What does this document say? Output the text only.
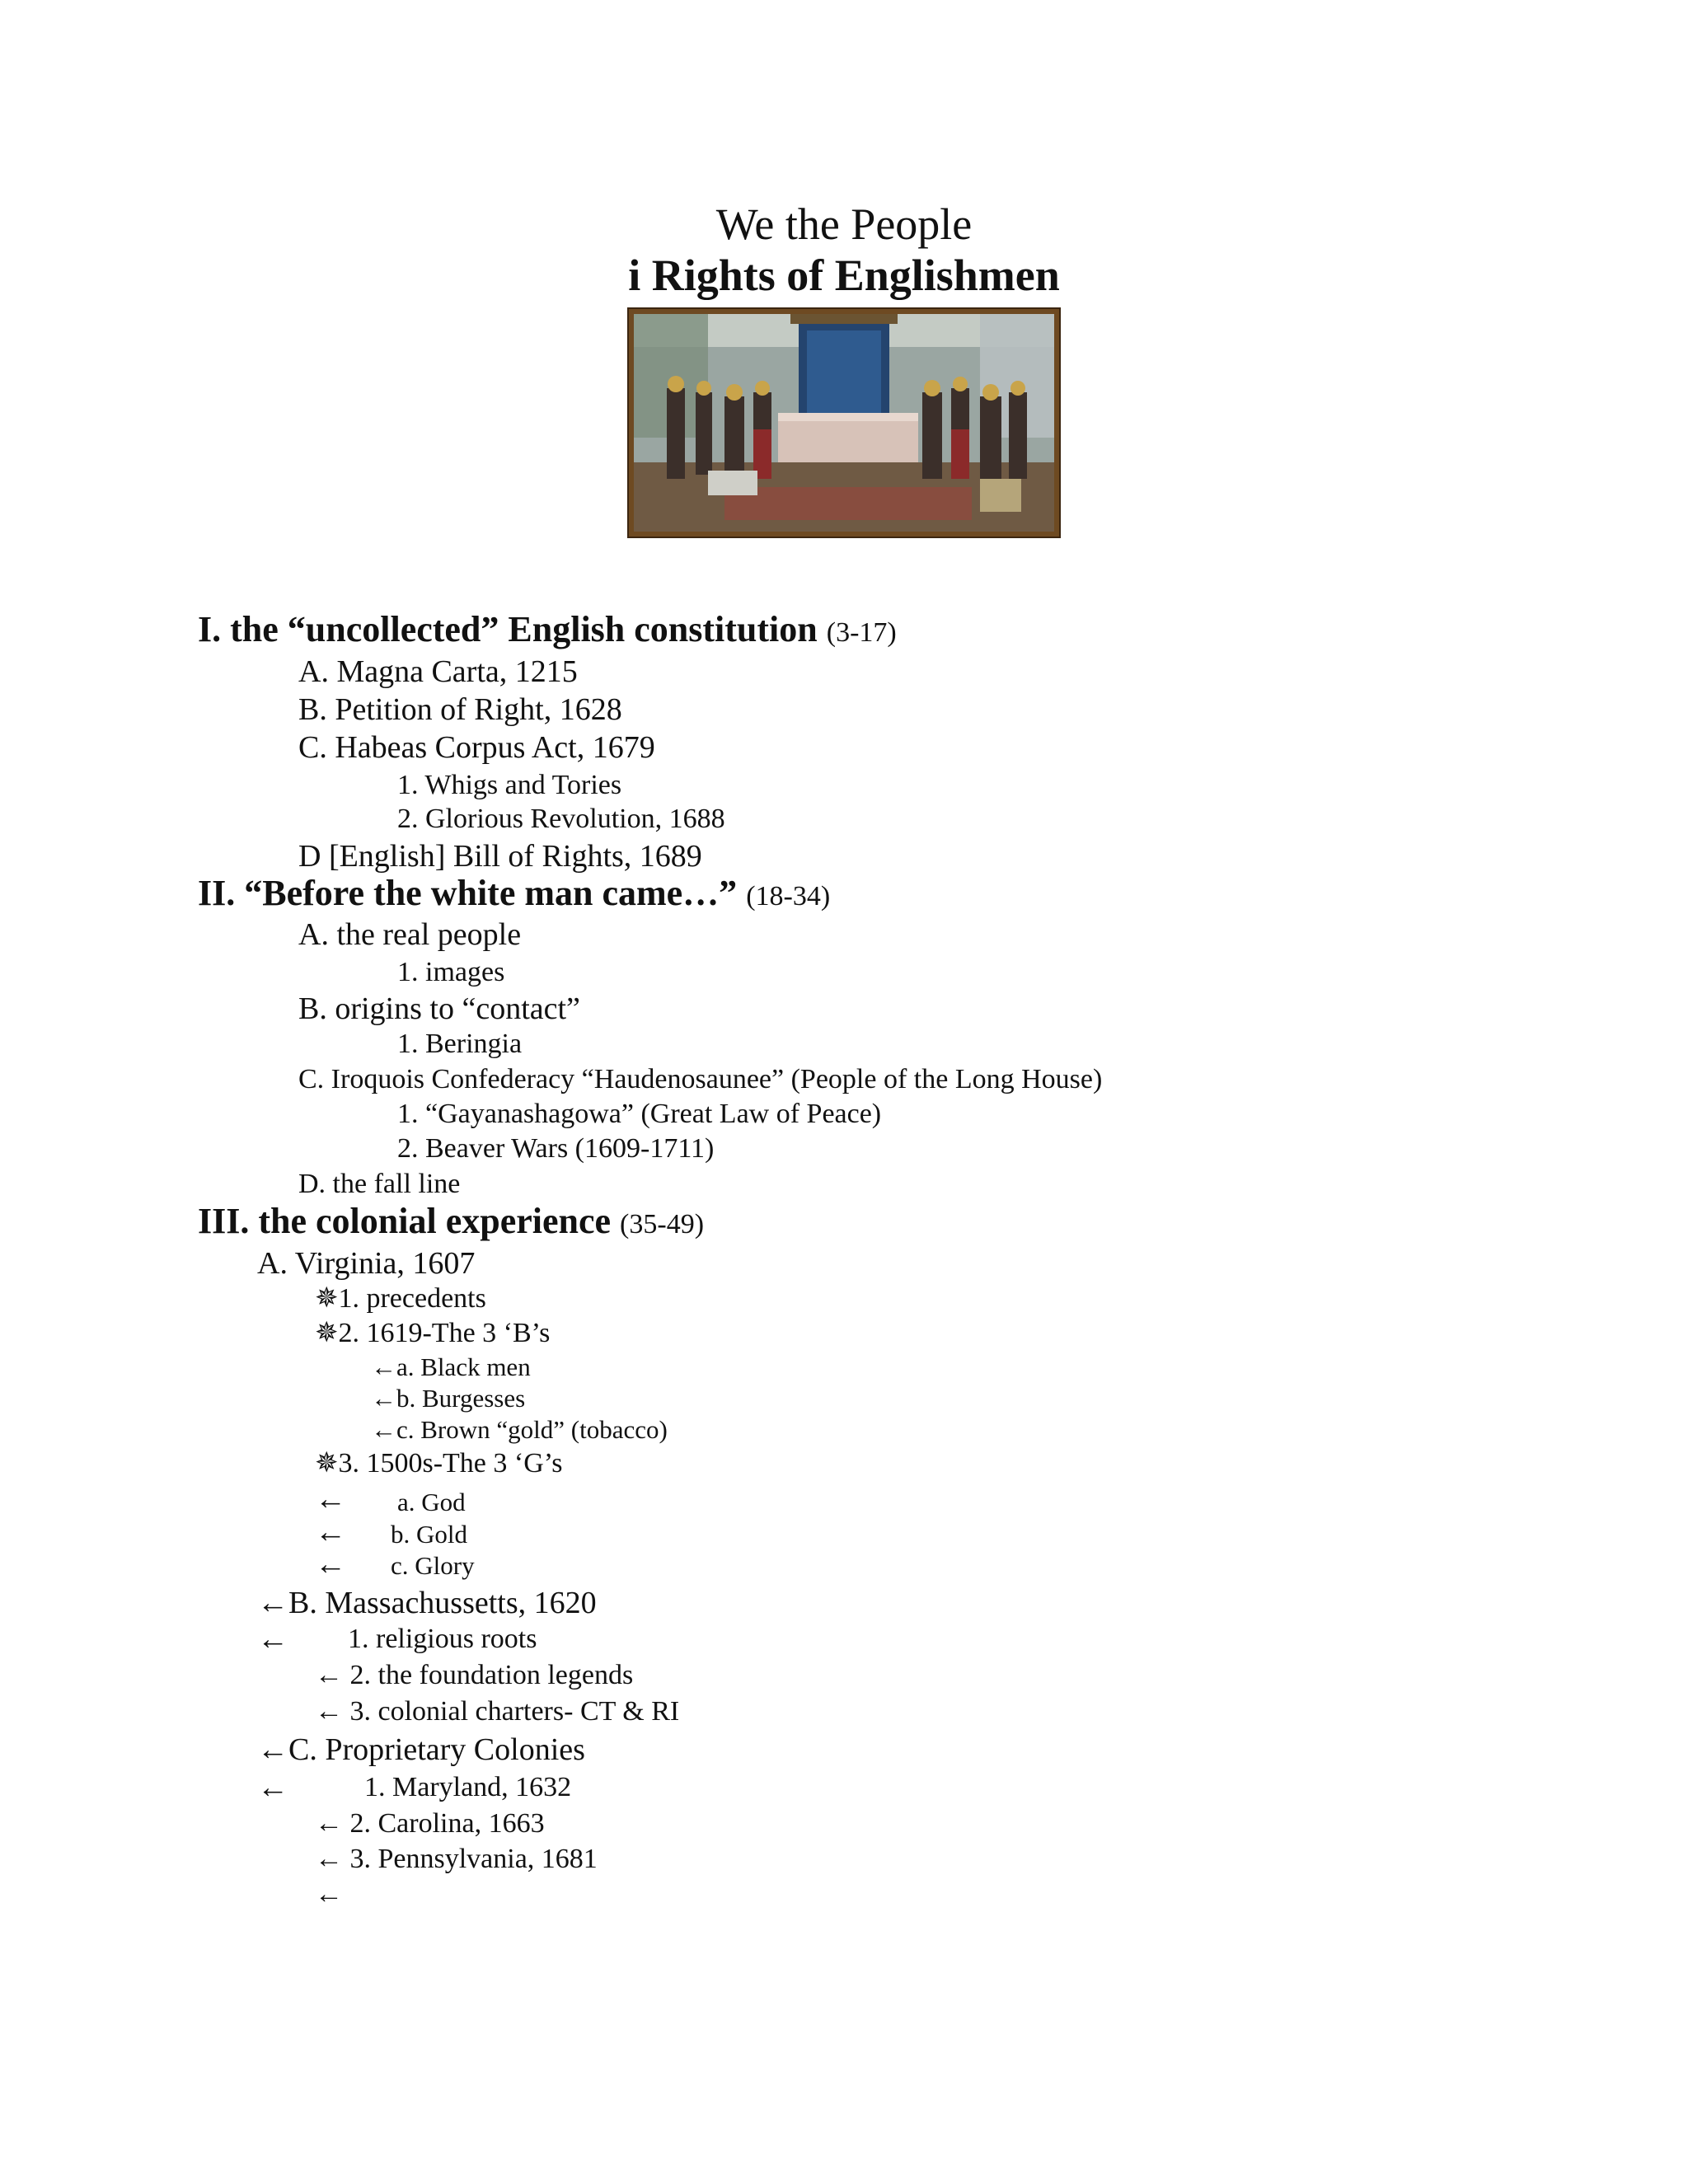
We the People
i Rights of Englishmen
I. the “uncollected” English constitution (3-17)
A. Magna Carta, 1215
B. Petition of Right, 1628
C. Habeas Corpus Act, 1679
1. Whigs and Tories
2. Glorious Revolution, 1688
D [English] Bill of Rights, 1689
II. “Before the white man came…” (18-34)
A. the real people
1. images
B. origins to “contact”
1. Beringia
C. Iroquois Confederacy “Haudenosaunee” (People of the Long House)
1. “Gayanashagowa” (Great Law of Peace)
2. Beaver Wars (1609-1711)
D. the fall line
III. the colonial experience (35-49)
A. Virginia, 1607
✵1. precedents
✵2. 1619-The 3 ‘B’s
←a. Black men
←b. Burgesses
←c. Brown “gold” (tobacco)
✵3. 1500s-The 3 ‘G’s
← a. God
← b. Gold
← c. Glory
←B. Massachussetts, 1620
← 1. religious roots
← 2. the foundation legends
← 3. colonial charters- CT & RI
←C. Proprietary Colonies
←	1. Maryland, 1632
← 2. Carolina, 1663
← 3. Pennsylvania, 1681
←
